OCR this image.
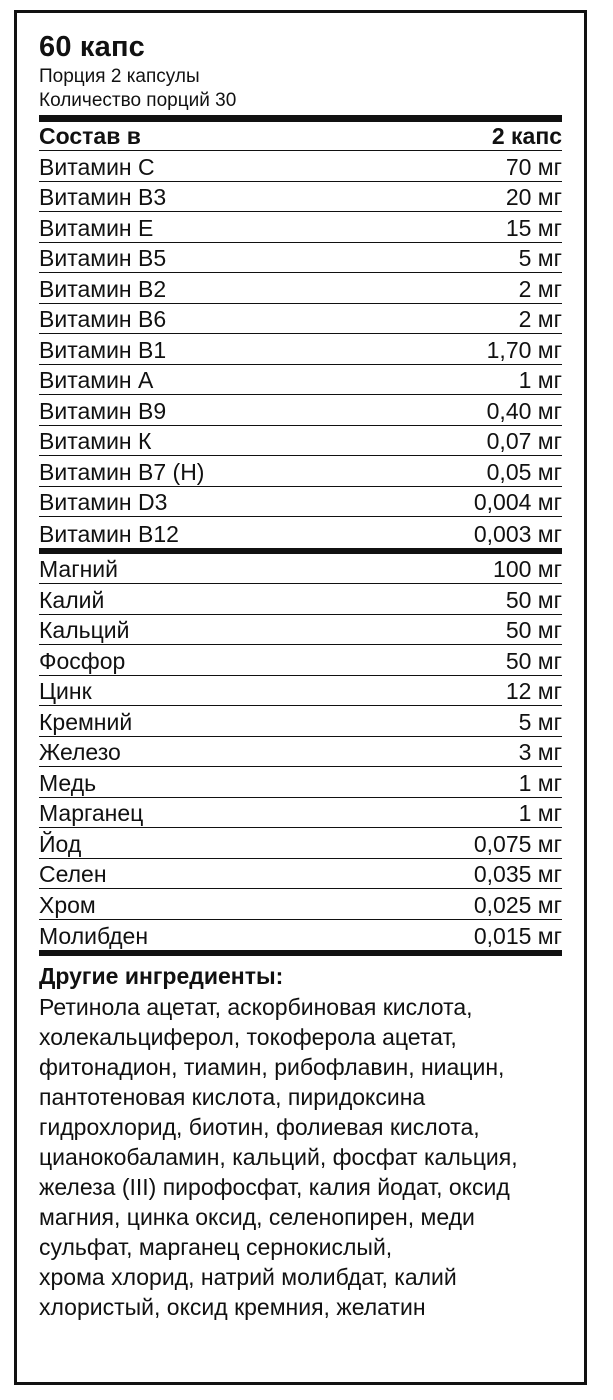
60 капс
Порция 2 капсулы
Количество порций 30
Состав в	2 капс
Витамин С	70 мг
Витамин В3	20 мг
Витамин Е	15 мг
Витамин В5	5 мг
Витамин В2	2 мг
Витамин В6	2 мг
Витамин В1	1,70 мг
Витамин А	1 мг
Витамин В9	0,40 мг
Витамин К	0,07 мг
Витамин В7 (Н)	0,05 мг
Витамин D3	0,004 мг
Витамин В12	0,003 мг
Магний	100 мг
Калий	50 мг
Кальций	50 мг
Фосфор	50 мг
Цинк	12 мг
Кремний	5 мг
Железо	3 мг
Медь	1 мг
Марганец	1 мг
Йод	0,075 мг
Селен	0,035 мг
Хром	0,025 мг
Молибден	0,015 мг
Другие ингредиенты:
Ретинола ацетат, аскорбиновая кислота,
холекальциферол, токоферола ацетат,
фитонадион, тиамин, рибофлавин, ниацин,
пантотеновая кислота, пиридоксина
гидрохлорид, биотин, фолиевая кислота,
цианокобаламин, кальций, фосфат кальция,
железа (III) пирофосфат, калия йодат, оксид
магния, цинка оксид, селенопирен, меди
сульфат, марганец сернокислый,
хрома хлорид, натрий молибдат, калий
хлористый, оксид кремния, желатин
